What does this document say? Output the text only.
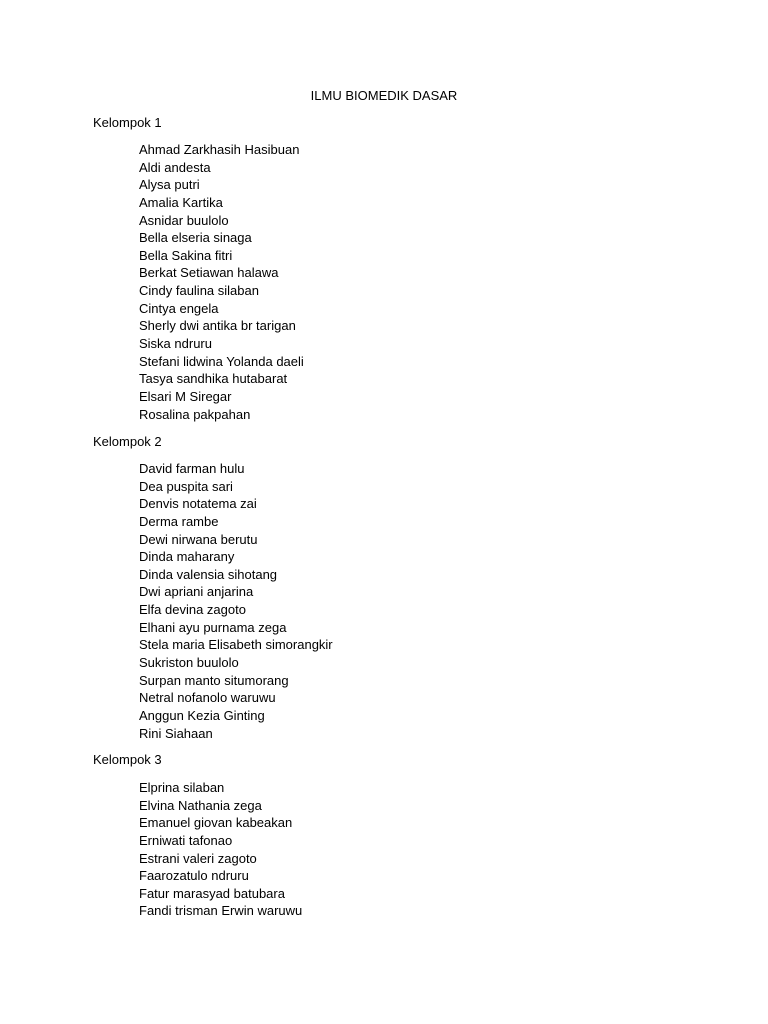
ILMU BIOMEDIK DASAR
Kelompok 1
Ahmad Zarkhasih Hasibuan
Aldi andesta
Alysa putri
Amalia Kartika
Asnidar buulolo
Bella elseria sinaga
Bella Sakina fitri
Berkat Setiawan halawa
Cindy faulina silaban
Cintya engela
Sherly dwi antika br tarigan
Siska ndruru
Stefani lidwina Yolanda daeli
Tasya sandhika hutabarat
Elsari M Siregar
Rosalina pakpahan
Kelompok 2
David farman hulu
Dea puspita sari
Denvis notatema zai
Derma rambe
Dewi nirwana berutu
Dinda maharany
Dinda valensia sihotang
Dwi apriani anjarina
Elfa devina zagoto
Elhani ayu purnama zega
Stela maria Elisabeth simorangkir
Sukriston buulolo
Surpan manto situmorang
Netral nofanolo waruwu
Anggun Kezia Ginting
Rini Siahaan
Kelompok 3
Elprina silaban
Elvina Nathania zega
Emanuel giovan kabeakan
Erniwati tafonao
Estrani valeri zagoto
Faarozatulo ndruru
Fatur marasyad batubara
Fandi trisman Erwin waruwu
